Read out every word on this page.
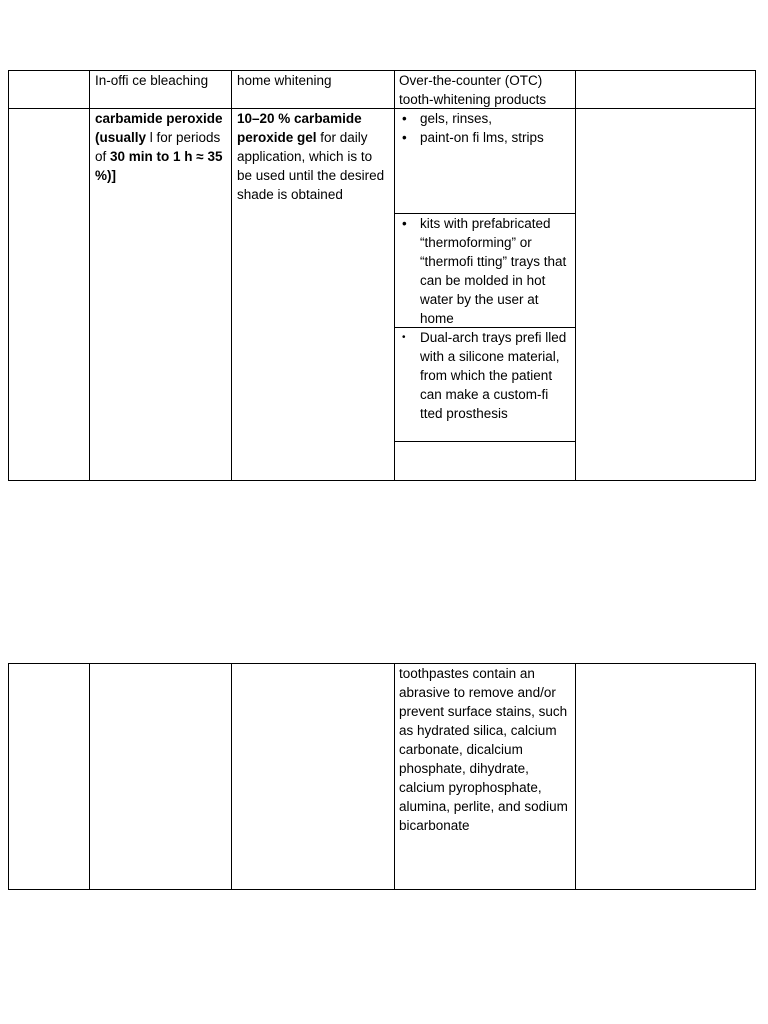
In-offi ce bleaching	home whitening	Over-the-counter (OTC) tooth-whitening products

carbamide peroxide (usually l for periods of 30 min to 1 h ≈ 35 %)]

10–20 % carbamide peroxide gel for daily application, which is to be used until the desired shade is obtained

• gels, rinses,
• paint-on fi lms, strips
• kits with prefabricated “thermoforming” or “thermofi tting” trays that can be molded in hot water by the user at home
• Dual-arch trays prefi lled with a silicone material, from which the patient can make a custom-fi tted prosthesis

toothpastes contain an abrasive to remove and/or prevent surface stains, such as hydrated silica, calcium carbonate, dicalcium phosphate, dihydrate, calcium pyrophosphate, alumina, perlite, and sodium bicarbonate
